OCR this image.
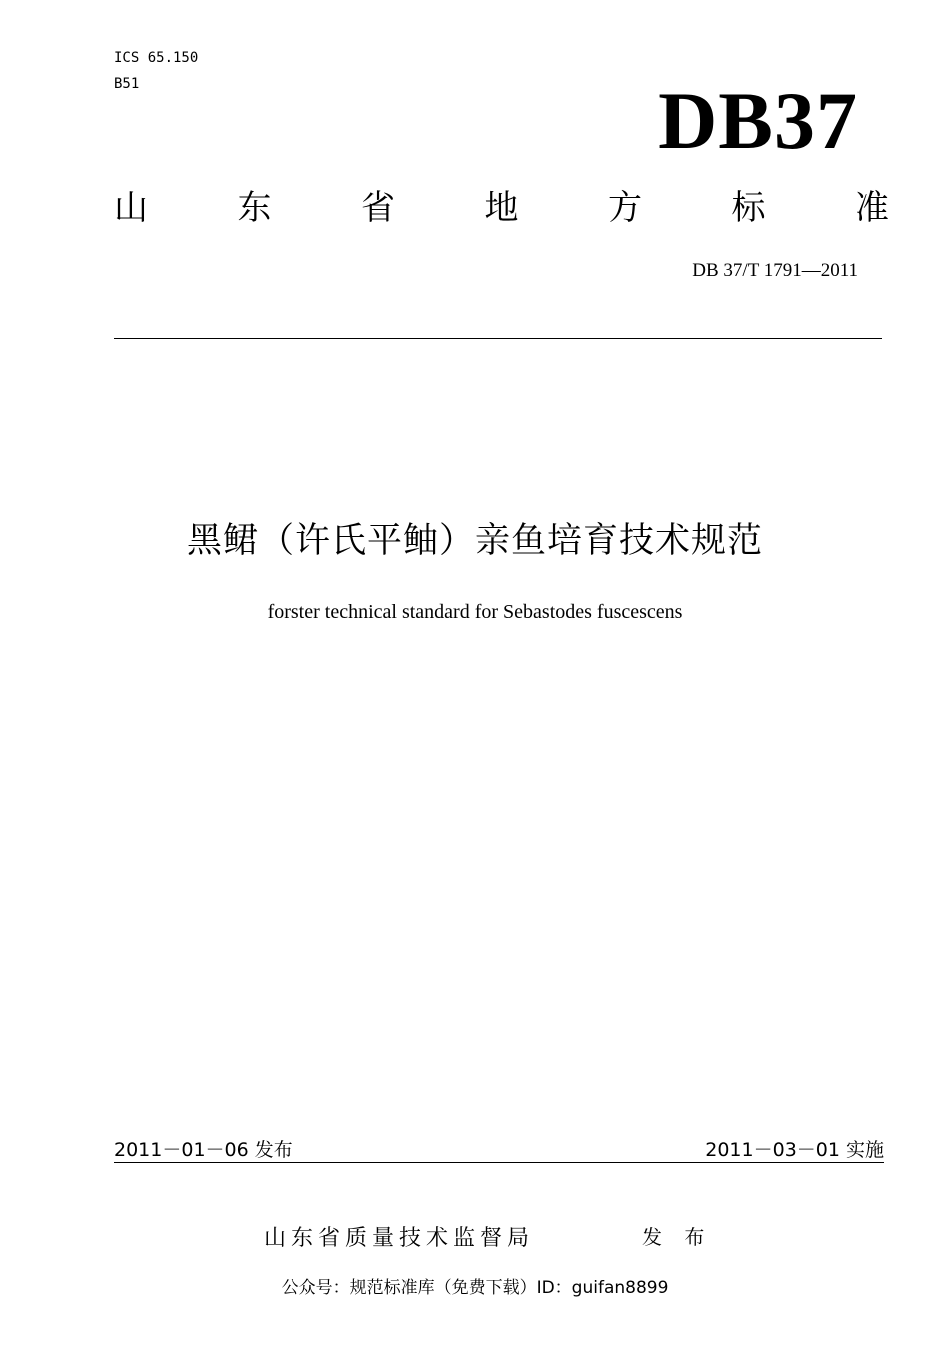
ICS 65.150
B51	DB37
山	东	省	地	方	标	准
DB 37/T 1791—2011
黑鲪（许氏平鲉）亲鱼培育技术规范
forster technical standard for Sebastodes fuscescens
2011－01－06 发布	2011－03－01 实施
山东省质量技术监督局	发 布
公众号：规范标准库（免费下载）ID：guifan8899
